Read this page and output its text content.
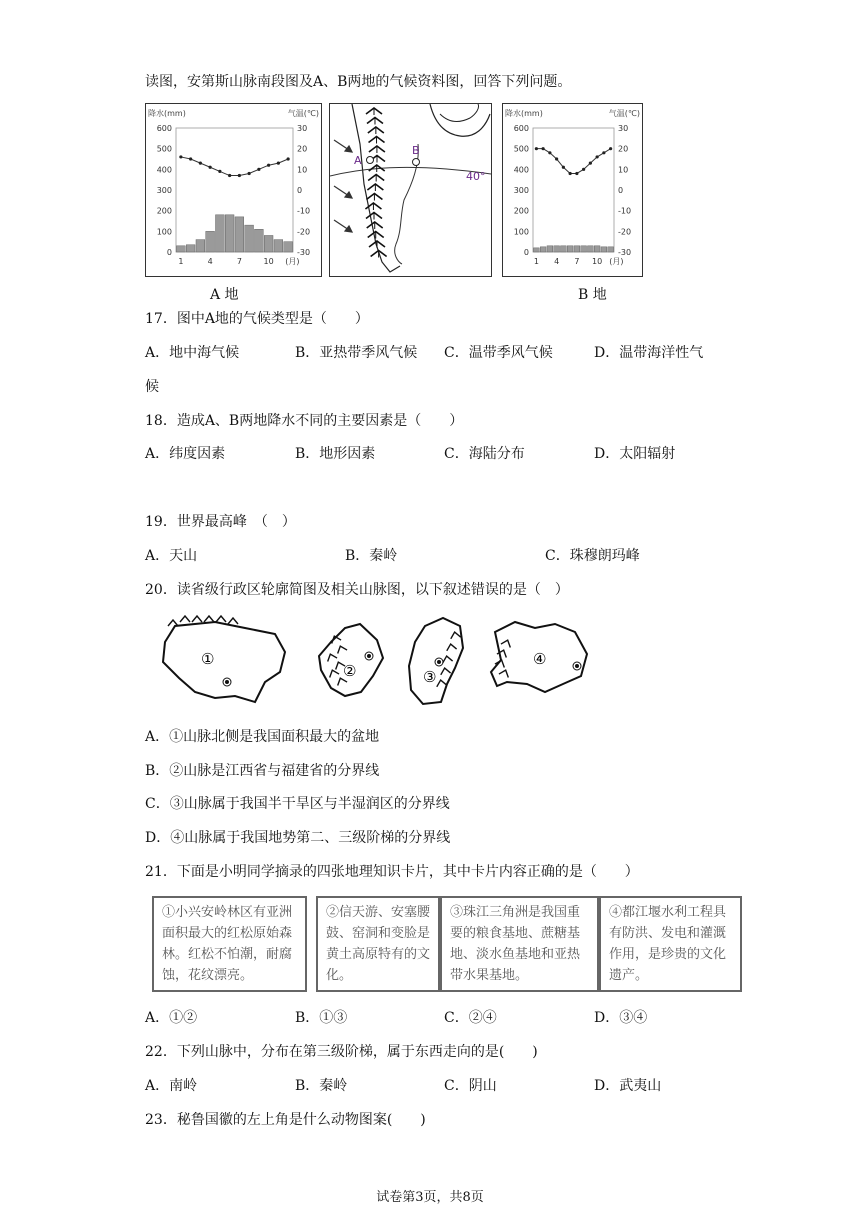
读图，安第斯山脉南段图及A、B两地的气候资料图，回答下列问题。
降水(mm)	气温(℃)
600
500
400
300
200
100
0
30
20
10
0
-10
-20
-30
1	4	7	10 (月)
A 地
A
B
40°
降水(mm)	气温(℃)
600
500
400
300
200
100
0
30
20
10
0
-10
-20
-30
1 4 7 10 (月)
B 地
17．图中A地的气候类型是（　　）
A．地中海气候	B．亚热带季风气候 C．温带季风气候	D．温带海洋性气
候
18．造成A、B两地降水不同的主要因素是（　　）
A．纬度因素	B．地形因素	C．海陆分布	D．太阳辐射
19．世界最高峰　（　）
A．天山	B．秦岭	C．珠穆朗玛峰
20．读省级行政区轮廓简图及相关山脉图，以下叙述错误的是（　）
①
②	③
④
A．①山脉北侧是我国面积最大的盆地
B．②山脉是江西省与福建省的分界线
C．③山脉属于我国半干旱区与半湿润区的分界线
D．④山脉属于我国地势第二、三级阶梯的分界线
21．下面是小明同学摘录的四张地理知识卡片，其中卡片内容正确的是（　　）
①小兴安岭林区有亚洲面积最大的红松原始森林。红松不怕潮，耐腐蚀，花纹漂亮。
②信天游、安塞腰鼓、窑洞和变脸是黄土高原特有的文化。
③珠江三角洲是我国重要的粮食基地、蔗糖基地、淡水鱼基地和亚热带水果基地。
④都江堰水利工程具有防洪、发电和灌溉作用，是珍贵的文化遗产。
A．①②	B．①③	C．②④	D．③④
22．下列山脉中，分布在第三级阶梯，属于东西走向的是(　　)
A．南岭	B．秦岭	C．阴山	D．武夷山
23．秘鲁国徽的左上角是什么动物图案(　　)
试卷第3页，共8页
